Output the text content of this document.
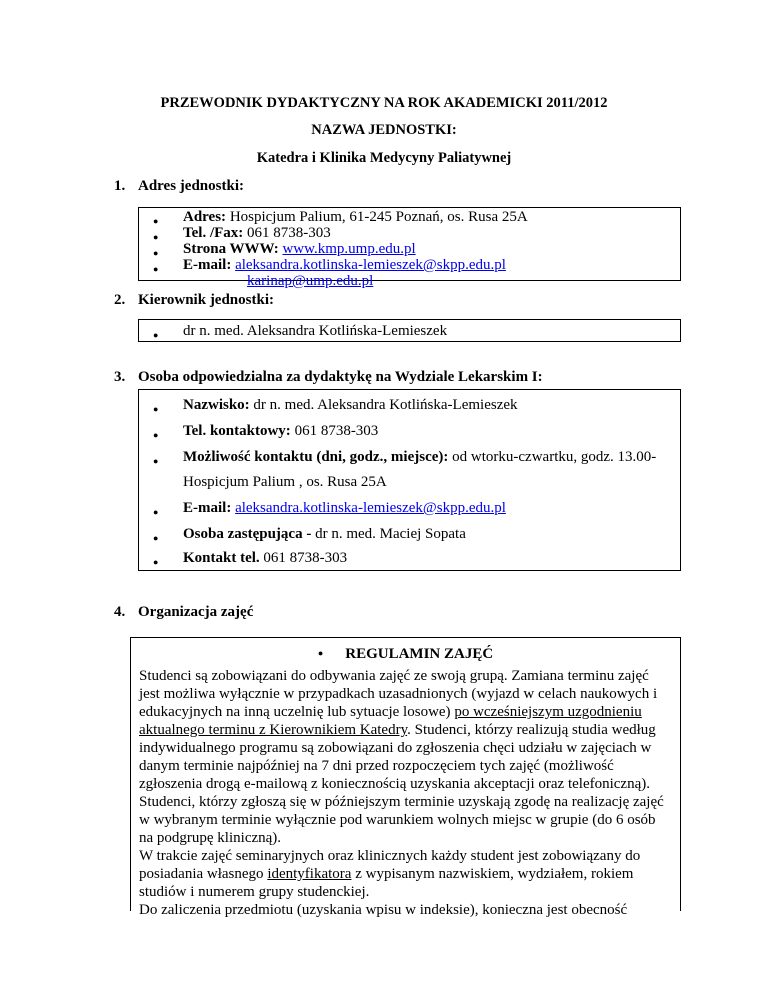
PRZEWODNIK DYDAKTYCZNY NA ROK AKADEMICKI 2011/2012
NAZWA JEDNOSTKI:
Katedra i Klinika Medycyny Paliatywnej
1. Adres jednostki:
● Adres: Hospicjum Palium, 61-245 Poznań, os. Rusa 25A
● Tel. /Fax: 061 8738-303
● Strona WWW: www.kmp.ump.edu.pl
● E-mail: aleksandra.kotlinska-lemieszek@skpp.edu.pl
karinap@ump.edu.pl
2. Kierownik jednostki:
● dr n. med. Aleksandra Kotlińska-Lemieszek
3. Osoba odpowiedzialna za dydaktykę na Wydziale Lekarskim I:
● Nazwisko: dr n. med. Aleksandra Kotlińska-Lemieszek
● Tel. kontaktowy: 061 8738-303
● Możliwość kontaktu (dni, godz., miejsce): od wtorku-czwartku, godz. 13.00-
Hospicjum Palium , os. Rusa 25A
● E-mail: aleksandra.kotlinska-lemieszek@skpp.edu.pl
● Osoba zastępująca - dr n. med. Maciej Sopata
● Kontakt tel. 061 8738-303
4. Organizacja zajęć
● REGULAMIN ZAJĘĆ
Studenci są zobowiązani do odbywania zajęć ze swoją grupą. Zamiana terminu zajęć jest możliwa wyłącznie w przypadkach uzasadnionych (wyjazd w celach naukowych i edukacyjnych na inną uczelnię lub sytuacje losowe) po wcześniejszym uzgodnieniu aktualnego terminu z Kierownikiem Katedry. Studenci, którzy realizują studia według indywidualnego programu są zobowiązani do zgłoszenia chęci udziału w zajęciach w danym terminie najpóźniej na 7 dni przed rozpoczęciem tych zajęć (możliwość zgłoszenia drogą e-mailową z koniecznością uzyskania akceptacji oraz telefoniczną). Studenci, którzy zgłoszą się w późniejszym terminie uzyskają zgodę na realizację zajęć w wybranym terminie wyłącznie pod warunkiem wolnych miejsc w grupie (do 6 osób na podgrupę kliniczną).
W trakcie zajęć seminaryjnych oraz klinicznych każdy student jest zobowiązany do posiadania własnego identyfikatora z wypisanym nazwiskiem, wydziałem, rokiem studiów i numerem grupy studenckiej.
Do zaliczenia przedmiotu (uzyskania wpisu w indeksie), konieczna jest obecność
